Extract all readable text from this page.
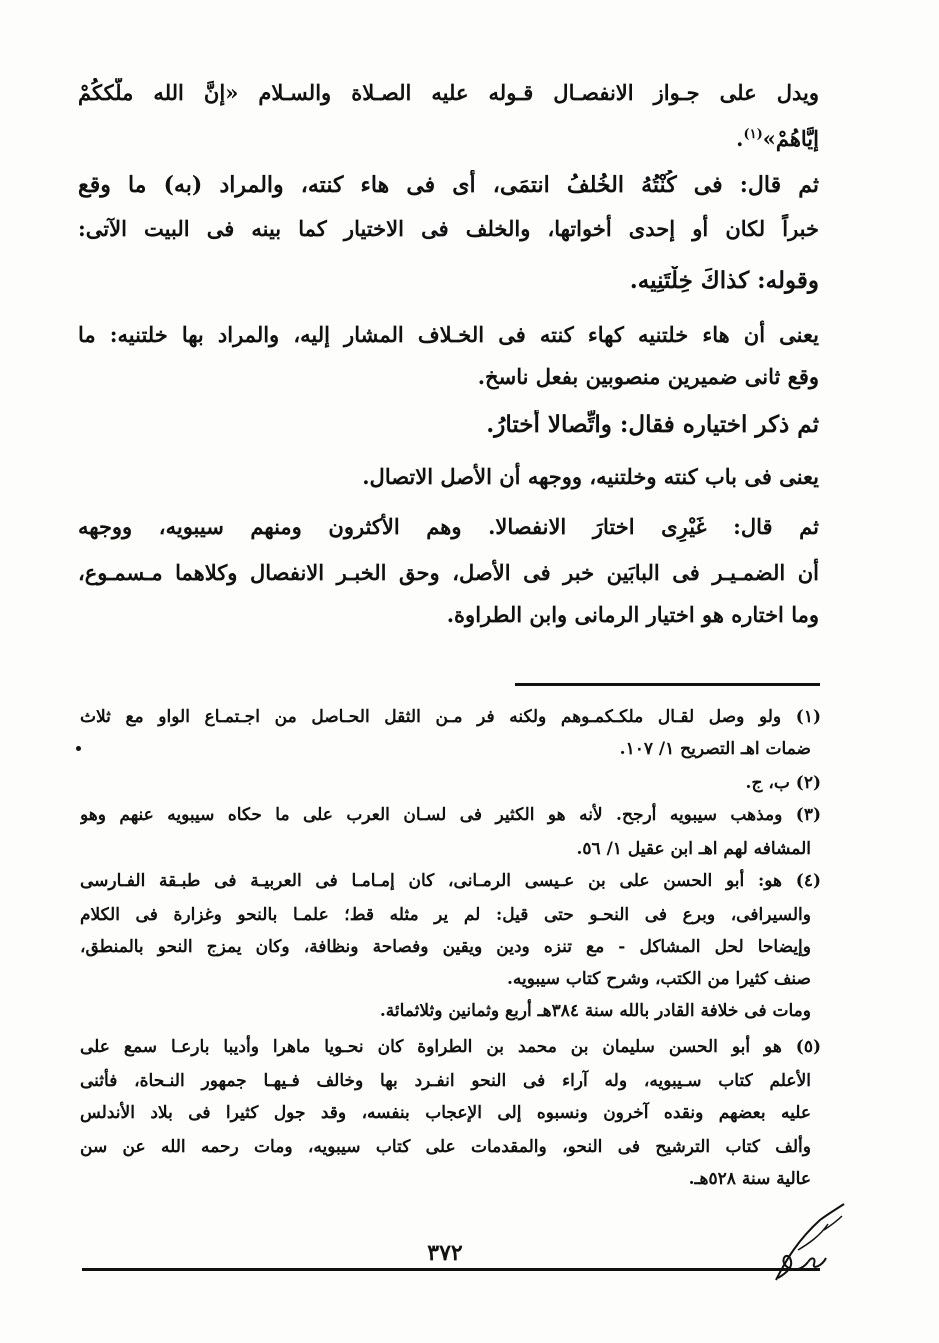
ويدل على جـواز الانفصـال قـوله عليه الصـلاة والسـلام «إنَّ الله ملَّككُمْ
إيَّاهُمْ»$^{(١)}$.
ثم قال: فى كُنْتُهُ الخُلفُ انتمَى، أى فى هاء كنته، والمراد (به) ما وقع
خبراً لكان أو إحدى أخواتها، والخلف فى الاختيار كما بينه فى البيت الآتى:
وقوله: كذاكَ خِلْتَنِيه.
يعنى أن هاء خلتنيه كهاء كنته فى الخـلاف المشار إليه، والمراد بها خلتنيه: ما
وقع ثانى ضميرين منصوبين بفعل ناسخ.
ثم ذكر اختياره فقال: واتِّصالا أختارُ.
يعنى فى باب كنته وخلتنيه، ووجهه أن الأصل الاتصال.
ثم قال: غَيْرِى اختارَ الانفصالا. وهم الأكثرون ومنهم سيبويه، ووجهه
أن الضمـيـر فى البابَين خبر فى الأصل، وحق الخبـر الانفصال وكلاهما مـسمـوع،
وما اختاره هو اختيار الرمانى وابن الطراوة.
(١) ولو وصل لقـال ملكـكمـوهم ولكنه فر مـن الثقل الحـاصل من اجـتمـاع الواو مع ثلاث
ضمات اهـ التصريح ١/ ١٠٧.
(٢) ب، ج.
(٣) ومذهب سيبويه أرجح. لأنه هو الكثير فى لسـان العرب على ما حكاه سيبويه عنهم وهو
المشافه لهم اهـ ابن عقيل ١/ ٥٦.
(٤) هو: أبو الحسن على بن عـيسى الرمـانى، كان إمـامـا فى العربيـة فى طبـقة الفـارسى
والسيرافى، وبرع فى النحـو حتى قيل: لم ير مثله قط؛ علمـا بالنحو وغزارة فى الكلام
وإيضاحا لحل المشاكل - مع تنزه ودين ويقين وفصاحة ونظافة، وكان يمزج النحو بالمنطق،
صنف كثيرا من الكتب، وشرح كتاب سيبويه.
ومات فى خلافة القادر بالله سنة ٣٨٤هـ أربع وثمانين وثلاثمائة.
(٥) هو أبو الحسن سليمان بن محمد بن الطراوة كان نحـويا ماهرا وأديبا بارعـا سمع على
الأعلم كتاب سـيبويه، وله آراء فى النحو انفـرد بها وخالف فـيهـا جمهور النـحاة، فأثنى
عليه بعضهم ونقده آخرون ونسبوه إلى الإعجاب بنفسه، وقد جول كثيرا فى بلاد الأندلس
وألف كتاب الترشيح فى النحو، والمقدمات على كتاب سيبويه، ومات رحمه الله عن سن
عالية سنة ٥٢٨هـ.
٣٧٢
